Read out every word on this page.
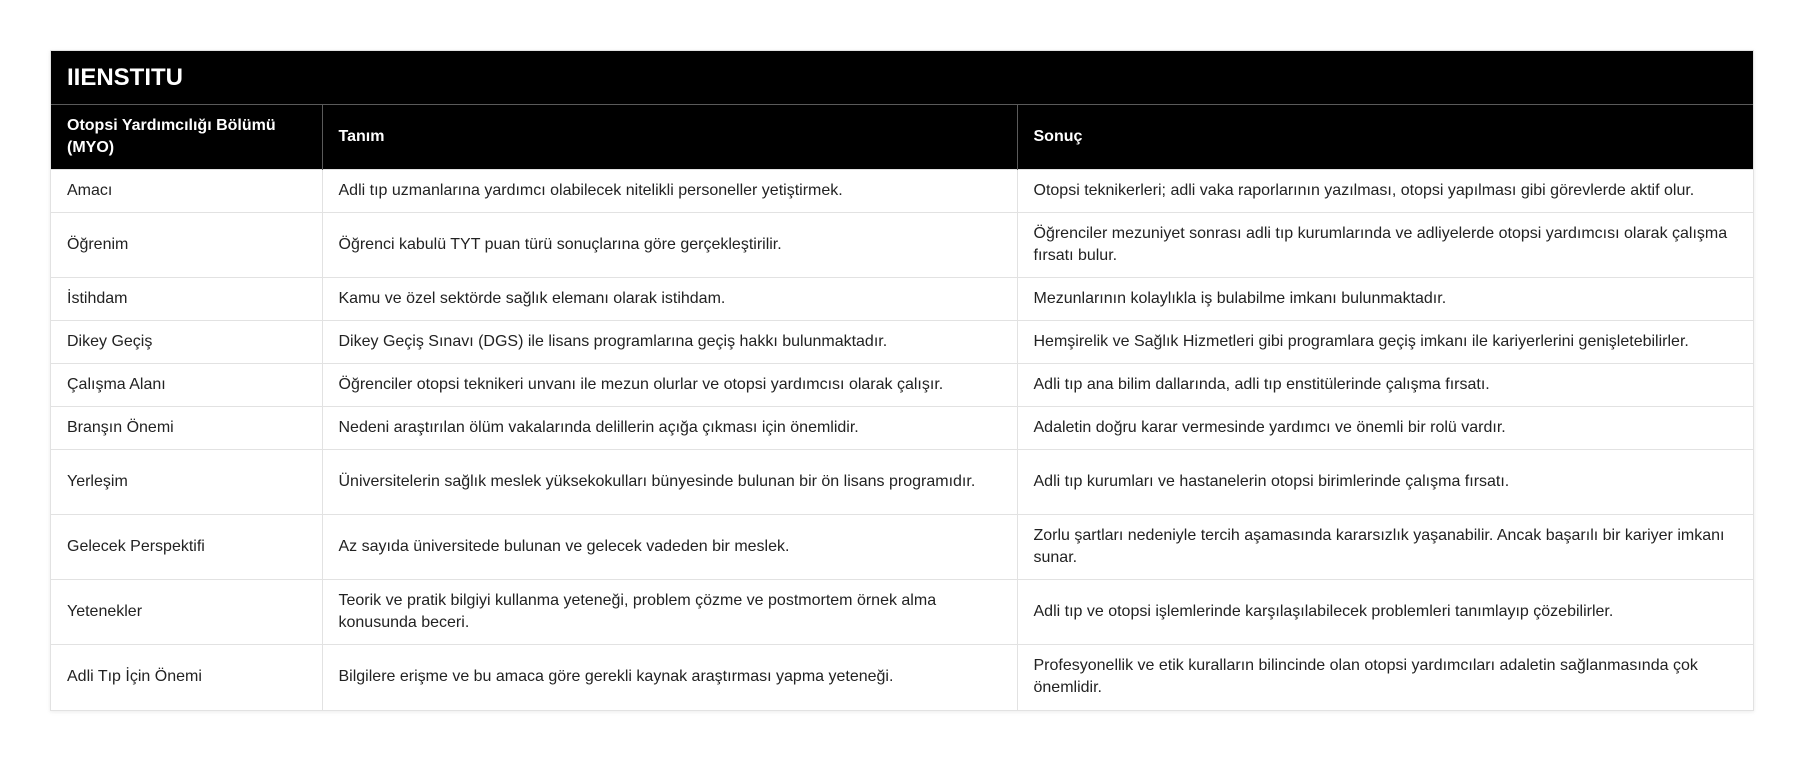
IIENSTITU
Otopsi Yardımcılığı Bölümü (MYO)	Tanım	Sonuç
Amacı	Adli tıp uzmanlarına yardımcı olabilecek nitelikli personeller yetiştirmek.	Otopsi teknikerleri; adli vaka raporlarının yazılması, otopsi yapılması gibi görevlerde aktif olur.
Öğrenim	Öğrenci kabulü TYT puan türü sonuçlarına göre gerçekleştirilir.	Öğrenciler mezuniyet sonrası adli tıp kurumlarında ve adliyelerde otopsi yardımcısı olarak çalışma fırsatı bulur.
İstihdam	Kamu ve özel sektörde sağlık elemanı olarak istihdam.	Mezunlarının kolaylıkla iş bulabilme imkanı bulunmaktadır.
Dikey Geçiş	Dikey Geçiş Sınavı (DGS) ile lisans programlarına geçiş hakkı bulunmaktadır.	Hemşirelik ve Sağlık Hizmetleri gibi programlara geçiş imkanı ile kariyerlerini genişletebilirler.
Çalışma Alanı	Öğrenciler otopsi teknikeri unvanı ile mezun olurlar ve otopsi yardımcısı olarak çalışır.	Adli tıp ana bilim dallarında, adli tıp enstitülerinde çalışma fırsatı.
Branşın Önemi	Nedeni araştırılan ölüm vakalarında delillerin açığa çıkması için önemlidir.	Adaletin doğru karar vermesinde yardımcı ve önemli bir rolü vardır.
Yerleşim	Üniversitelerin sağlık meslek yüksekokulları bünyesinde bulunan bir ön lisans programıdır.	Adli tıp kurumları ve hastanelerin otopsi birimlerinde çalışma fırsatı.
Gelecek Perspektifi	Az sayıda üniversitede bulunan ve gelecek vadeden bir meslek.	Zorlu şartları nedeniyle tercih aşamasında kararsızlık yaşanabilir. Ancak başarılı bir kariyer imkanı sunar.
Yetenekler	Teorik ve pratik bilgiyi kullanma yeteneği, problem çözme ve postmortem örnek alma konusunda beceri.	Adli tıp ve otopsi işlemlerinde karşılaşılabilecek problemleri tanımlayıp çözebilirler.
Adli Tıp İçin Önemi	Bilgilere erişme ve bu amaca göre gerekli kaynak araştırması yapma yeteneği.	Profesyonellik ve etik kuralların bilincinde olan otopsi yardımcıları adaletin sağlanmasında çok önemlidir.
